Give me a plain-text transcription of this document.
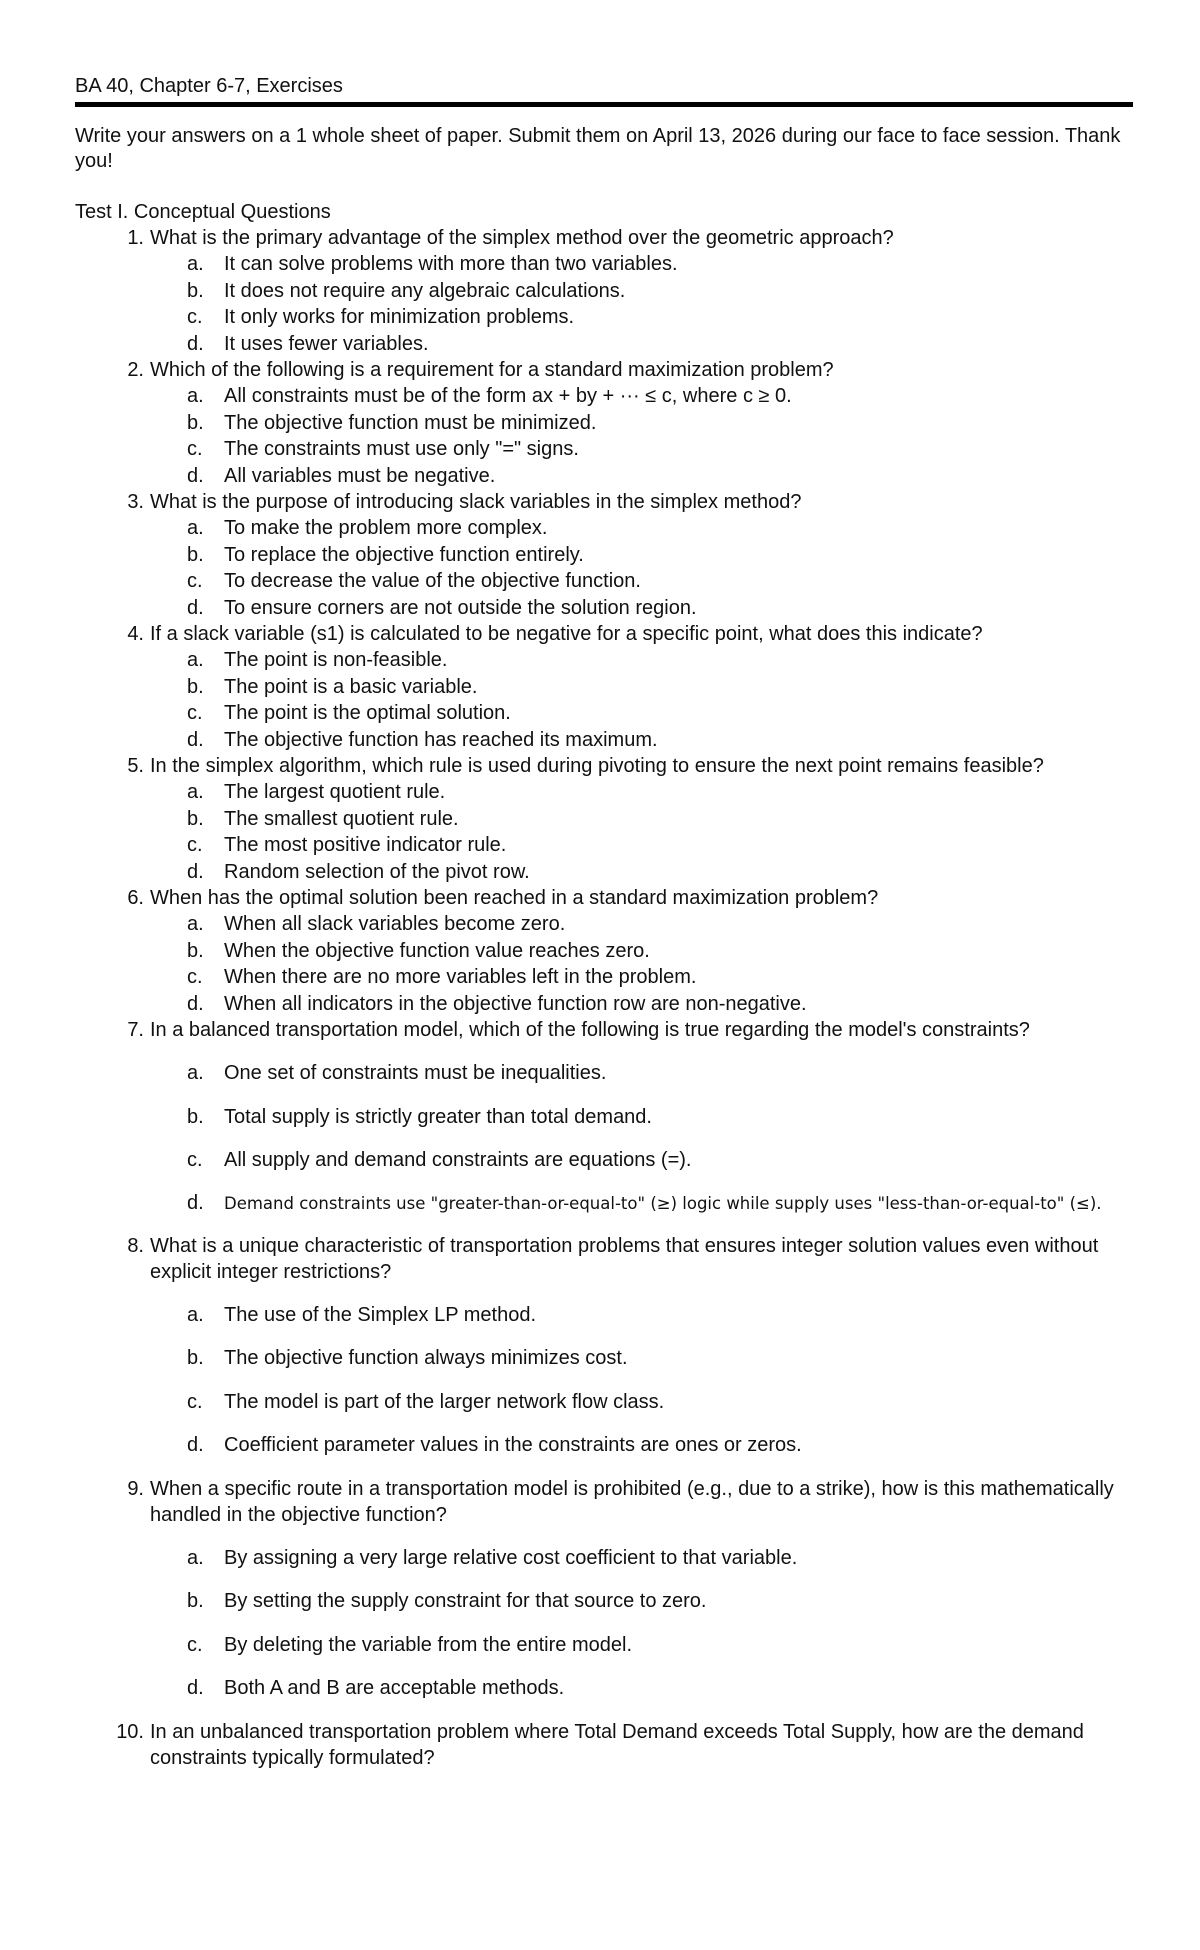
BA 40, Chapter 6-7, Exercises
Write your answers on a 1 whole sheet of paper. Submit them on April 13, 2026 during our face to face session. Thank you!
Test I. Conceptual Questions
1. What is the primary advantage of the simplex method over the geometric approach?
a. It can solve problems with more than two variables.
b. It does not require any algebraic calculations.
c. It only works for minimization problems.
d. It uses fewer variables.
2. Which of the following is a requirement for a standard maximization problem?
a. All constraints must be of the form ax + by + ··· ≤ c, where c ≥ 0.
b. The objective function must be minimized.
c. The constraints must use only "=" signs.
d. All variables must be negative.
3. What is the purpose of introducing slack variables in the simplex method?
a. To make the problem more complex.
b. To replace the objective function entirely.
c. To decrease the value of the objective function.
d. To ensure corners are not outside the solution region.
4. If a slack variable (s1) is calculated to be negative for a specific point, what does this indicate?
a. The point is non-feasible.
b. The point is a basic variable.
c. The point is the optimal solution.
d. The objective function has reached its maximum.
5. In the simplex algorithm, which rule is used during pivoting to ensure the next point remains feasible?
a. The largest quotient rule.
b. The smallest quotient rule.
c. The most positive indicator rule.
d. Random selection of the pivot row.
6. When has the optimal solution been reached in a standard maximization problem?
a. When all slack variables become zero.
b. When the objective function value reaches zero.
c. When there are no more variables left in the problem.
d. When all indicators in the objective function row are non-negative.
7. In a balanced transportation model, which of the following is true regarding the model's constraints?
a. One set of constraints must be inequalities.
b. Total supply is strictly greater than total demand.
c. All supply and demand constraints are equations (=).
d. Demand constraints use "greater-than-or-equal-to" (≥) logic while supply uses "less-than-or-equal-to" (≤).
8. What is a unique characteristic of transportation problems that ensures integer solution values even without explicit integer restrictions?
a. The use of the Simplex LP method.
b. The objective function always minimizes cost.
c. The model is part of the larger network flow class.
d. Coefficient parameter values in the constraints are ones or zeros.
9. When a specific route in a transportation model is prohibited (e.g., due to a strike), how is this mathematically handled in the objective function?
a. By assigning a very large relative cost coefficient to that variable.
b. By setting the supply constraint for that source to zero.
c. By deleting the variable from the entire model.
d. Both A and B are acceptable methods.
10. In an unbalanced transportation problem where Total Demand exceeds Total Supply, how are the demand constraints typically formulated?
